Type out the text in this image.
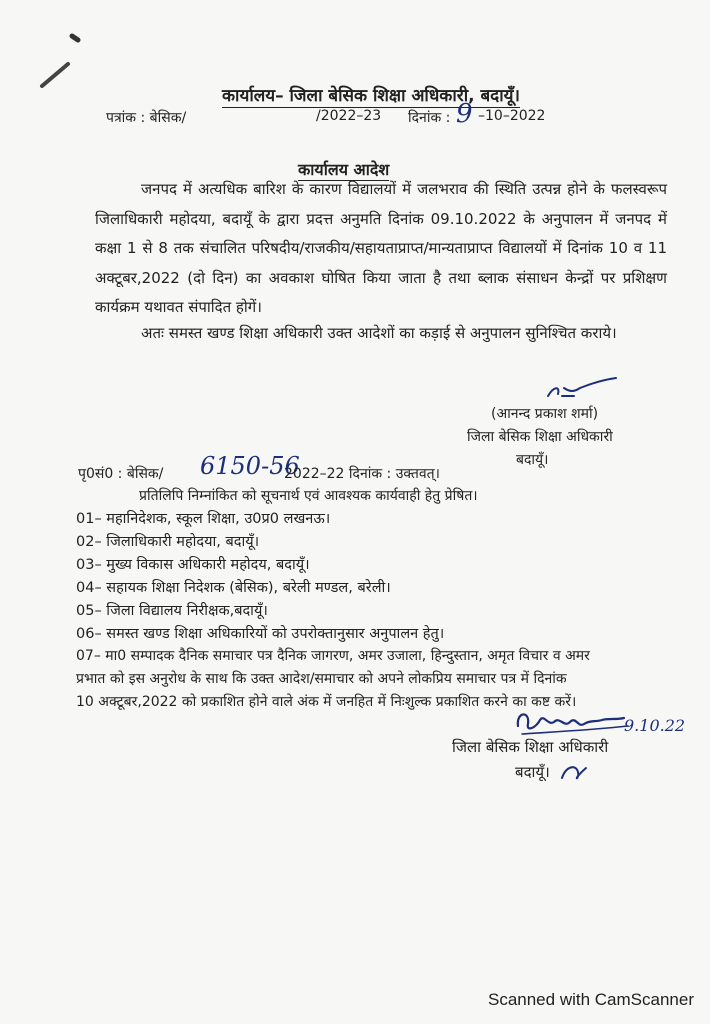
कार्यालय– जिला बेसिक शिक्षा अधिकारी, बदायूँ।
पत्रांक : बेसिक/	/2022–23 दिनांक : 9 –10–2022
कार्यालय आदेश
जनपद में अत्यधिक बारिश के कारण विद्यालयों में जलभराव की स्थिति उत्पन्न होने के फलस्वरूप जिलाधिकारी महोदया, बदायूँ के द्वारा प्रदत्त अनुमति दिनांक 09.10.2022 के अनुपालन में जनपद में कक्षा 1 से 8 तक संचालित परिषदीय/राजकीय/सहायताप्राप्त/मान्यताप्राप्त विद्यालयों में दिनांक 10 व 11 अक्टूबर,2022 (दो दिन) का अवकाश घोषित किया जाता है तथा ब्लाक संसाधन केन्द्रों पर प्रशिक्षण कार्यक्रम यथावत संपादित होगें।
अतः समस्त खण्ड शिक्षा अधिकारी उक्त आदेशों का कड़ाई से अनुपालन सुनिश्चित कराये।
(आनन्द प्रकाश शर्मा)
जिला बेसिक शिक्षा अधिकारी
बदायूँ।
पृ0सं0 : बेसिक/ 6150-56
2022–22 दिनांक : उक्तवत्।
प्रतिलिपि निम्नांकित को सूचनार्थ एवं आवश्यक कार्यवाही हेतु प्रेषित।
01– महानिदेशक, स्कूल शिक्षा, उ0प्र0 लखनऊ।
02– जिलाधिकारी महोदया, बदायूँ।
03– मुख्य विकास अधिकारी महोदय, बदायूँ।
04– सहायक शिक्षा निदेशक (बेसिक), बरेली मण्डल, बरेली।
05– जिला विद्यालय निरीक्षक,बदायूँ।
06– समस्त खण्ड शिक्षा अधिकारियों को उपरोक्तानुसार अनुपालन हेतु।
07– मा0 सम्पादक दैनिक समाचार पत्र दैनिक जागरण, अमर उजाला, हिन्दुस्तान, अमृत विचार व अमर
प्रभात को इस अनुरोध के साथ कि उक्त आदेश/समाचार को अपने लोकप्रिय समाचार पत्र में दिनांक
10 अक्टूबर,2022 को प्रकाशित होने वाले अंक में जनहित में निःशुल्क प्रकाशित करने का कष्ट करें।
9.10.22
जिला बेसिक शिक्षा अधिकारी
बदायूँ।
Scanned with CamScanner
